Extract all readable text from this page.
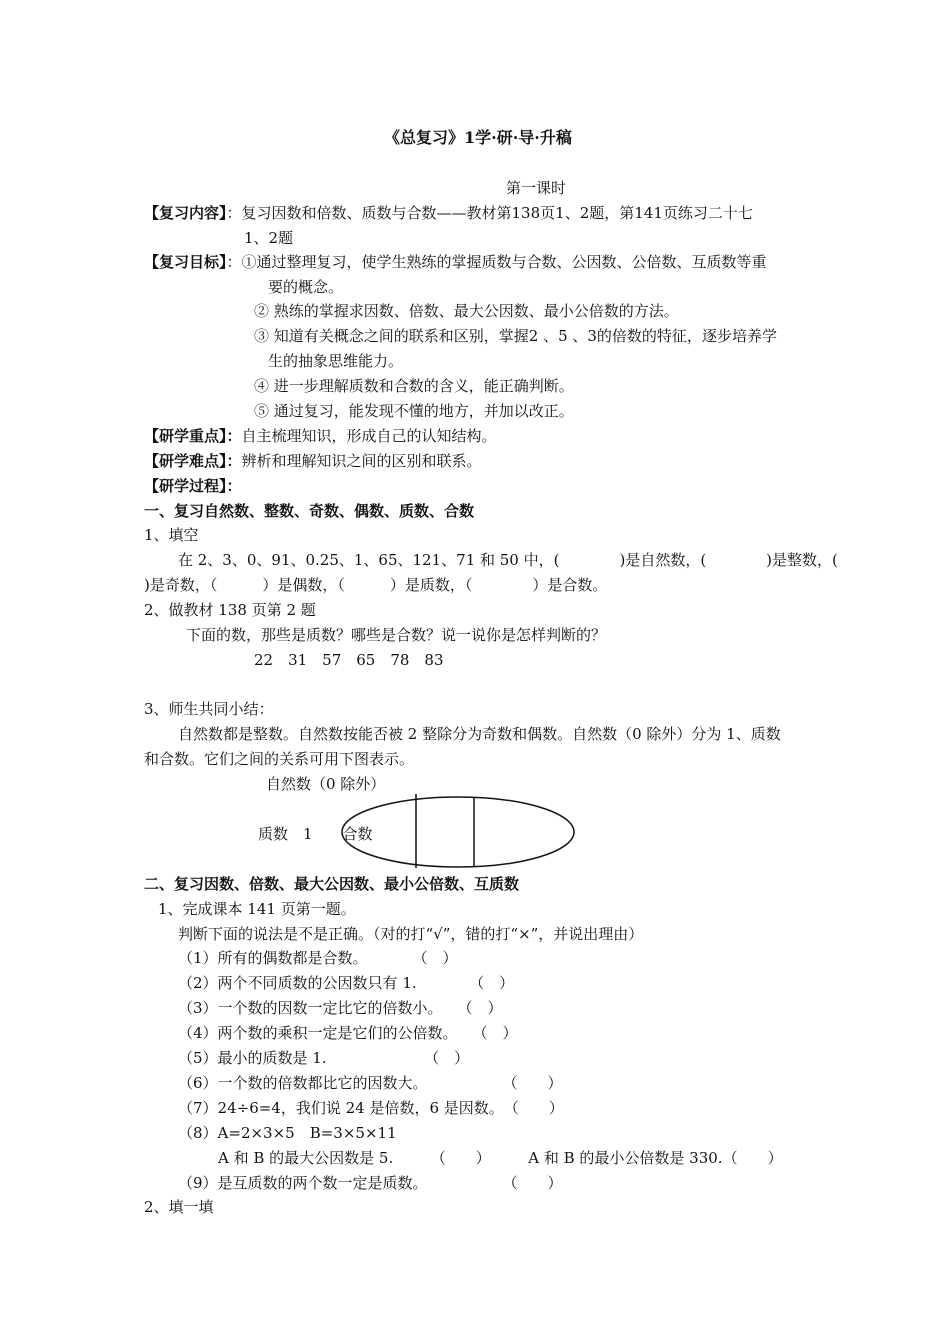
《总复习》1学·研·导·升稿
第一课时
【复习内容】：复习因数和倍数、质数与合数——教材第138页1、2题，第141页练习二十七
1、2题
【复习目标】：①通过整理复习，使学生熟练的掌握质数与合数、公因数、公倍数、互质数等重
要的概念。
② 熟练的掌握求因数、倍数、最大公因数、最小公倍数的方法。
③ 知道有关概念之间的联系和区别，掌握2 、5 、3的倍数的特征，逐步培养学
生的抽象思维能力。
④ 进一步理解质数和合数的含义，能正确判断。
⑤ 通过复习，能发现不懂的地方，并加以改正。
【研学重点】：自主梳理知识，形成自己的认知结构。
【研学难点】：辨析和理解知识之间的区别和联系。
【研学过程】：
一、复习自然数、整数、奇数、偶数、质数、合数
1、填空
在 2、3、0、91、0.25、1、65、121、71 和 50 中，(　　　　)是自然数，(　　　　)是整数，(
)是奇数，（　　　）是偶数，（　　　）是质数，（　　　　）是合数。
2、做教材 138 页第 2 题
下面的数，那些是质数？哪些是合数？说一说你是怎样判断的？
22　31　57　65　78　83
3、师生共同小结：
自然数都是整数。自然数按能否被 2 整除分为奇数和偶数。自然数（0 除外）分为 1、质数
和合数。它们之间的关系可用下图表示。
自然数（0 除外）
质数　1　　合数
二、复习因数、倍数、最大公因数、最小公倍数、互质数
1、完成课本 141 页第一题。
判断下面的说法是不是正确。（对的打“√”，错的打“×”，并说出理由）
（1）所有的偶数都是合数。　　　　（　）
（2）两个不同质数的公因数只有 1.　　　　（　）
（3）一个数的因数一定比它的倍数小。　　（　）
（4）两个数的乘积一定是它们的公倍数。　　（　）
（5）最小的质数是 1.　　　　　　　（　）
（6）一个数的倍数都比它的因数大。　　　　　　（　　）
（7）24÷6=4，我们说 24 是倍数，6 是因数。　（　　）
（8）A=2×3×5　B=3×5×11
A 和 B 的最大公因数是 5.　　　（　　）　　　A 和 B 的最小公倍数是 330.（　　）
（9）是互质数的两个数一定是质数。　　　　　　（　　）
2、填一填
